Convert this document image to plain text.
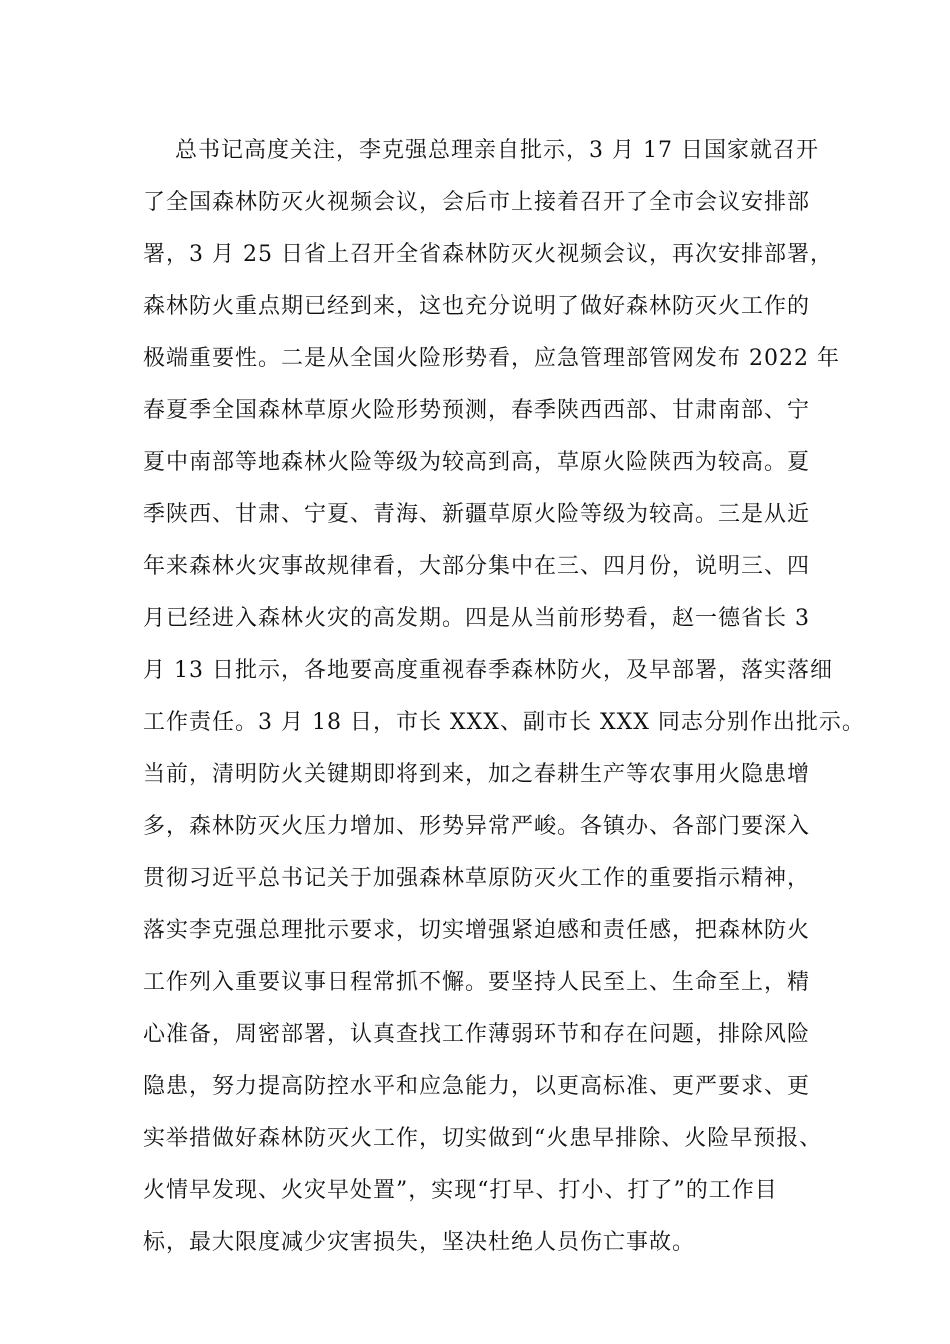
总书记高度关注，李克强总理亲自批示，3 月 17 日国家就召开
了全国森林防灭火视频会议，会后市上接着召开了全市会议安排部
署，3 月 25 日省上召开全省森林防灭火视频会议，再次安排部署，
森林防火重点期已经到来，这也充分说明了做好森林防灭火工作的
极端重要性。二是从全国火险形势看，应急管理部管网发布 2022 年
春夏季全国森林草原火险形势预测，春季陕西西部、甘肃南部、宁
夏中南部等地森林火险等级为较高到高，草原火险陕西为较高。夏
季陕西、甘肃、宁夏、青海、新疆草原火险等级为较高。三是从近
年来森林火灾事故规律看，大部分集中在三、四月份，说明三、四
月已经进入森林火灾的高发期。四是从当前形势看，赵一德省长 3
月 13 日批示，各地要高度重视春季森林防火，及早部署，落实落细
工作责任。3 月 18 日，市长 XXX、副市长 XXX 同志分别作出批示。
当前，清明防火关键期即将到来，加之春耕生产等农事用火隐患增
多，森林防灭火压力增加、形势异常严峻。各镇办、各部门要深入
贯彻习近平总书记关于加强森林草原防灭火工作的重要指示精神，
落实李克强总理批示要求，切实增强紧迫感和责任感，把森林防火
工作列入重要议事日程常抓不懈。要坚持人民至上、生命至上，精
心准备，周密部署，认真查找工作薄弱环节和存在问题，排除风险
隐患，努力提高防控水平和应急能力，以更高标准、更严要求、更
实举措做好森林防灭火工作，切实做到“火患早排除、火险早预报、
火情早发现、火灾早处置”，实现“打早、打小、打了”的工作目
标，最大限度减少灾害损失，坚决杜绝人员伤亡事故。
